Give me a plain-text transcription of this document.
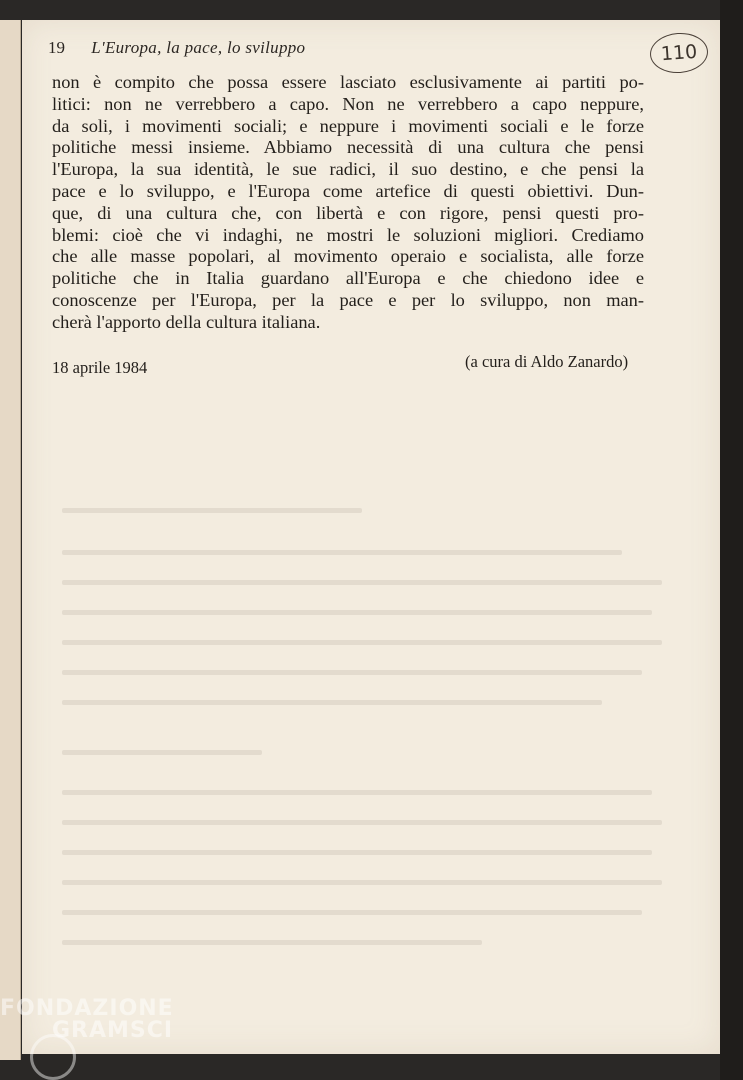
19 L'Europa, la pace, lo sviluppo	110
non è compito che possa essere lasciato esclusivamente ai partiti po-
litici: non ne verrebbero a capo. Non ne verrebbero a capo neppure,
da soli, i movimenti sociali; e neppure i movimenti sociali e le forze
politiche messi insieme. Abbiamo necessità di una cultura che pensi
l'Europa, la sua identità, le sue radici, il suo destino, e che pensi la
pace e lo sviluppo, e l'Europa come artefice di questi obiettivi. Dun-
que, di una cultura che, con libertà e con rigore, pensi questi pro-
blemi: cioè che vi indaghi, ne mostri le soluzioni migliori. Crediamo
che alle masse popolari, al movimento operaio e socialista, alle forze
politiche che in Italia guardano all'Europa e che chiedono idee e
conoscenze per l'Europa, per la pace e per lo sviluppo, non man-
cherà l'apporto della cultura italiana.
18 aprile 1984	(a cura di Aldo Zanardo)
FONDAZIONE
GRAMSCI
